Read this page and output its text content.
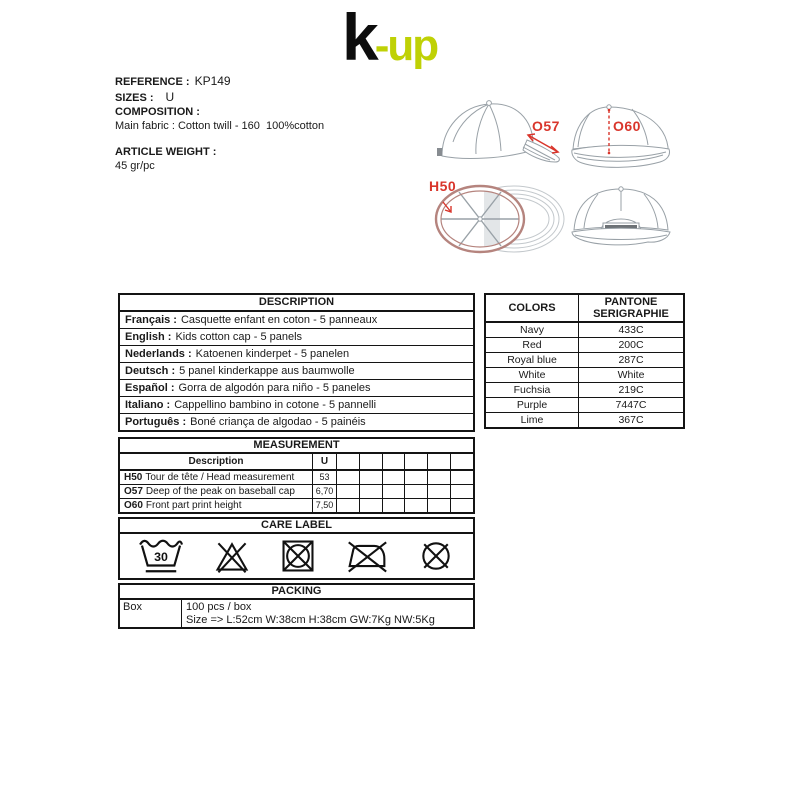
k -up
REFERENCE : KP149
SIZES : U
COMPOSITION :
Main fabric : Cotton twill - 160  100%cotton
ARTICLE WEIGHT :
45 gr/pc
O57	O60
H50
DESCRIPTION
Français : Casquette enfant en coton - 5 panneaux
English : Kids cotton cap - 5 panels
Nederlands : Katoenen kinderpet - 5 panelen
Deutsch : 5 panel kinderkappe aus baumwolle
Español : Gorra de algodón para niño - 5 paneles
Italiano : Cappellino bambino in cotone - 5 pannelli
Português : Boné criança de algodao - 5 painéis
COLORS	PANTONE
SERIGRAPHIE
Navy	433C
Red	200C
Royal blue	287C
White	White
Fuchsia	219C
Purple	7447C
Lime	367C
MEASUREMENT
Description	U
H50 Tour de tête / Head measurement	53
O57 Deep of the peak on baseball cap	6,70
O60 Front part print height	7,50
CARE LABEL
30
PACKING
Box	100 pcs / box
Size => L:52cm W:38cm H:38cm GW:7Kg NW:5Kg
